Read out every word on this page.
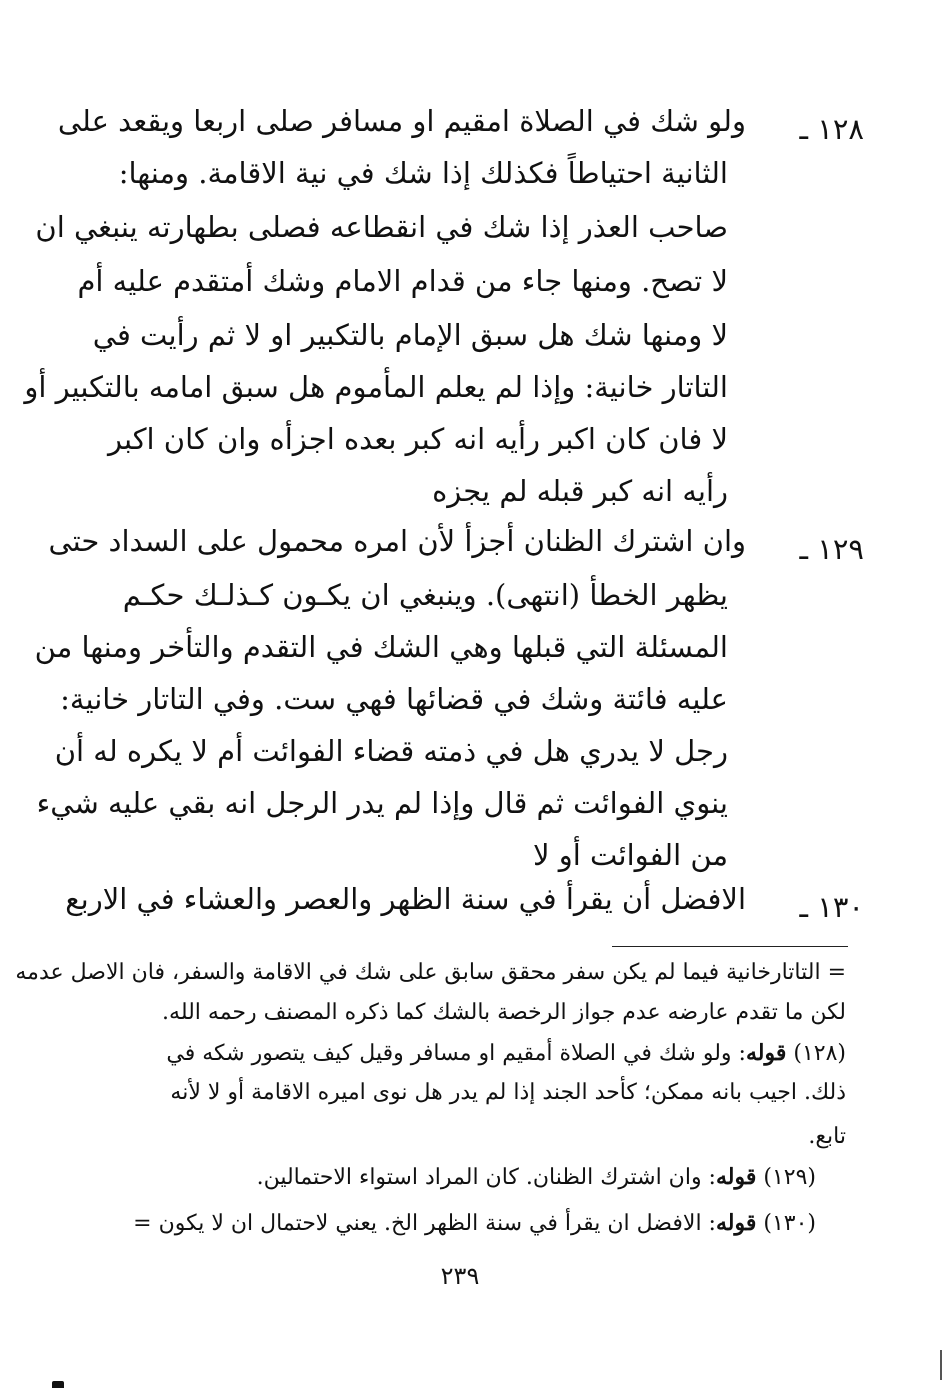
١٢٨ ـ
ولو شك في الصلاة امقيم او مسافر صلى اربعا ويقعد على
الثانية احتياطاً فكذلك إذا شك في نية الاقامة. ومنها:
صاحب العذر إذا شك في انقطاعه فصلى بطهارته ينبغي ان
لا تصح. ومنها جاء من قدام الامام وشك أمتقدم عليه أم
لا ومنها شك هل سبق الإمام بالتكبير او لا ثم رأيت في
التاتار خانية: وإذا لم يعلم المأموم هل سبق امامه بالتكبير أو
لا فان كان اكبر رأيه انه كبر بعده اجزأه وان كان اكبر
رأيه انه كبر قبله لم يجزه
١٢٩ ـ
وان اشترك الظنان أجزأ لأن امره محمول على السداد حتى
يظهر الخطأ (انتهى). وينبغي ان يكـون كـذلـك حكـم
المسئلة التي قبلها وهي الشك في التقدم والتأخر ومنها من
عليه فائتة وشك في قضائها فهي ست. وفي التاتار خانية:
رجل لا يدري هل في ذمته قضاء الفوائت أم لا يكره له أن
ينوي الفوائت ثم قال وإذا لم يدر الرجل انه بقي عليه شيء
من الفوائت أو لا
١٣٠ ـ
الافضل أن يقرأ في سنة الظهر والعصر والعشاء في الاربع
= التاتارخانية فيما لم يكن سفر محقق سابق على شك في الاقامة والسفر، فان الاصل عدمه
لكن ما تقدم عارضه عدم جواز الرخصة بالشك كما ذكره المصنف رحمه الله.
(١٢٨) قوله: ولو شك في الصلاة أمقيم او مسافر وقيل كيف يتصور شكه في
ذلك. اجيب بانه ممكن؛ كأحد الجند إذا لم يدر هل نوى اميره الاقامة أو لا لأنه
تابع.
(١٢٩) قوله: وان اشترك الظنان. كان المراد استواء الاحتمالين.
(١٣٠) قوله: الافضل ان يقرأ في سنة الظهر الخ. يعني لاحتمال ان لا يكون =
٢٣٩
